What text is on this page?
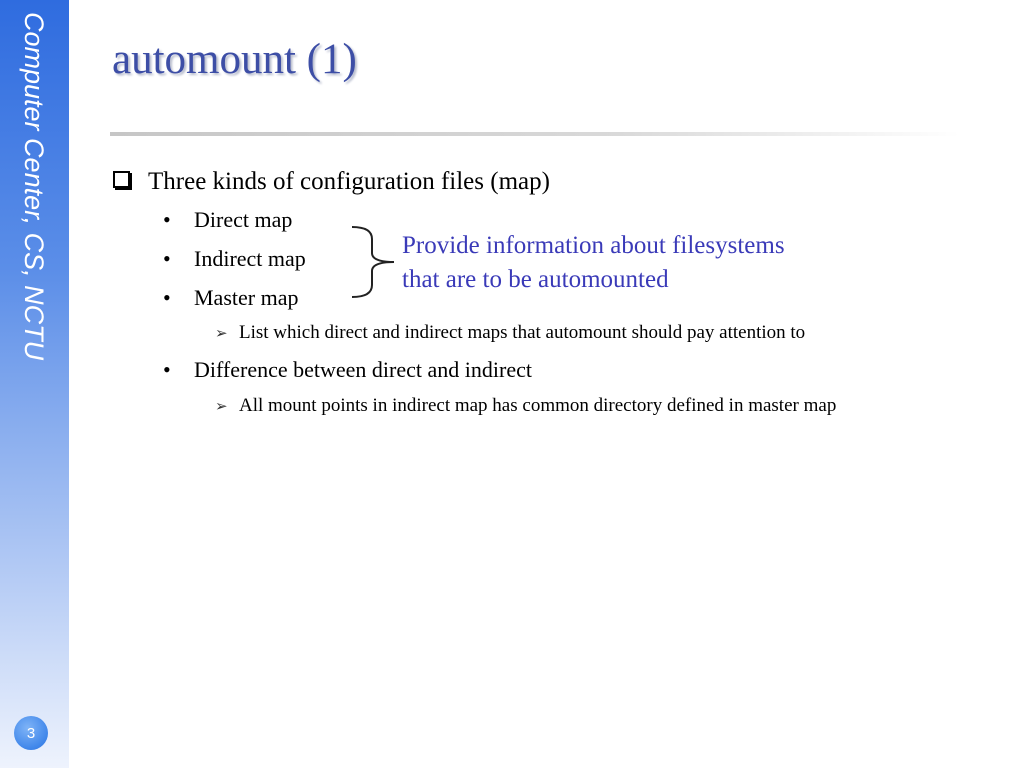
Computer Center, CS, NCTU
3
automount (1)
Three kinds of configuration files (map)
• Direct map
• Indirect map
• Master map
➢ List which direct and indirect maps that automount should pay attention to
• Difference between direct and indirect
➢ All mount points in indirect map has common directory defined in master map
Provide information about filesystems
that are to be automounted
